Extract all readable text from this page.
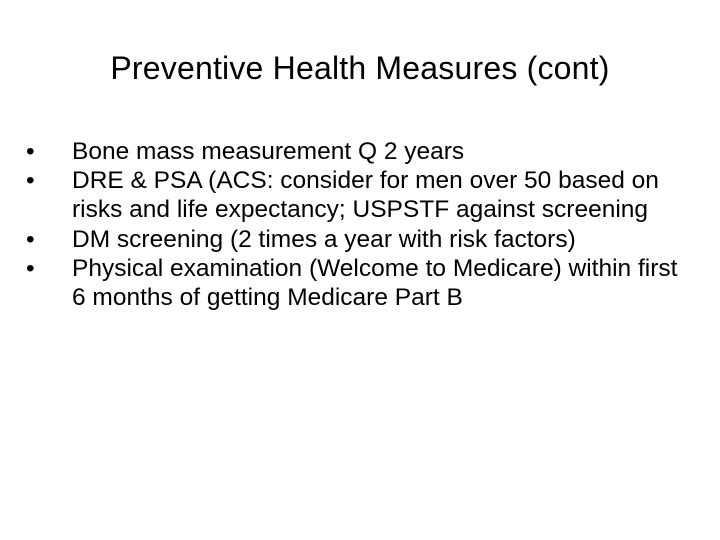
Preventive Health Measures (cont)
•	Bone mass measurement Q 2 years
•	DRE & PSA (ACS: consider for men over 50 based on risks and life expectancy; USPSTF against screening
•	DM screening (2 times a year with risk factors)
•	Physical examination (Welcome to Medicare) within first 6 months of getting Medicare Part B
